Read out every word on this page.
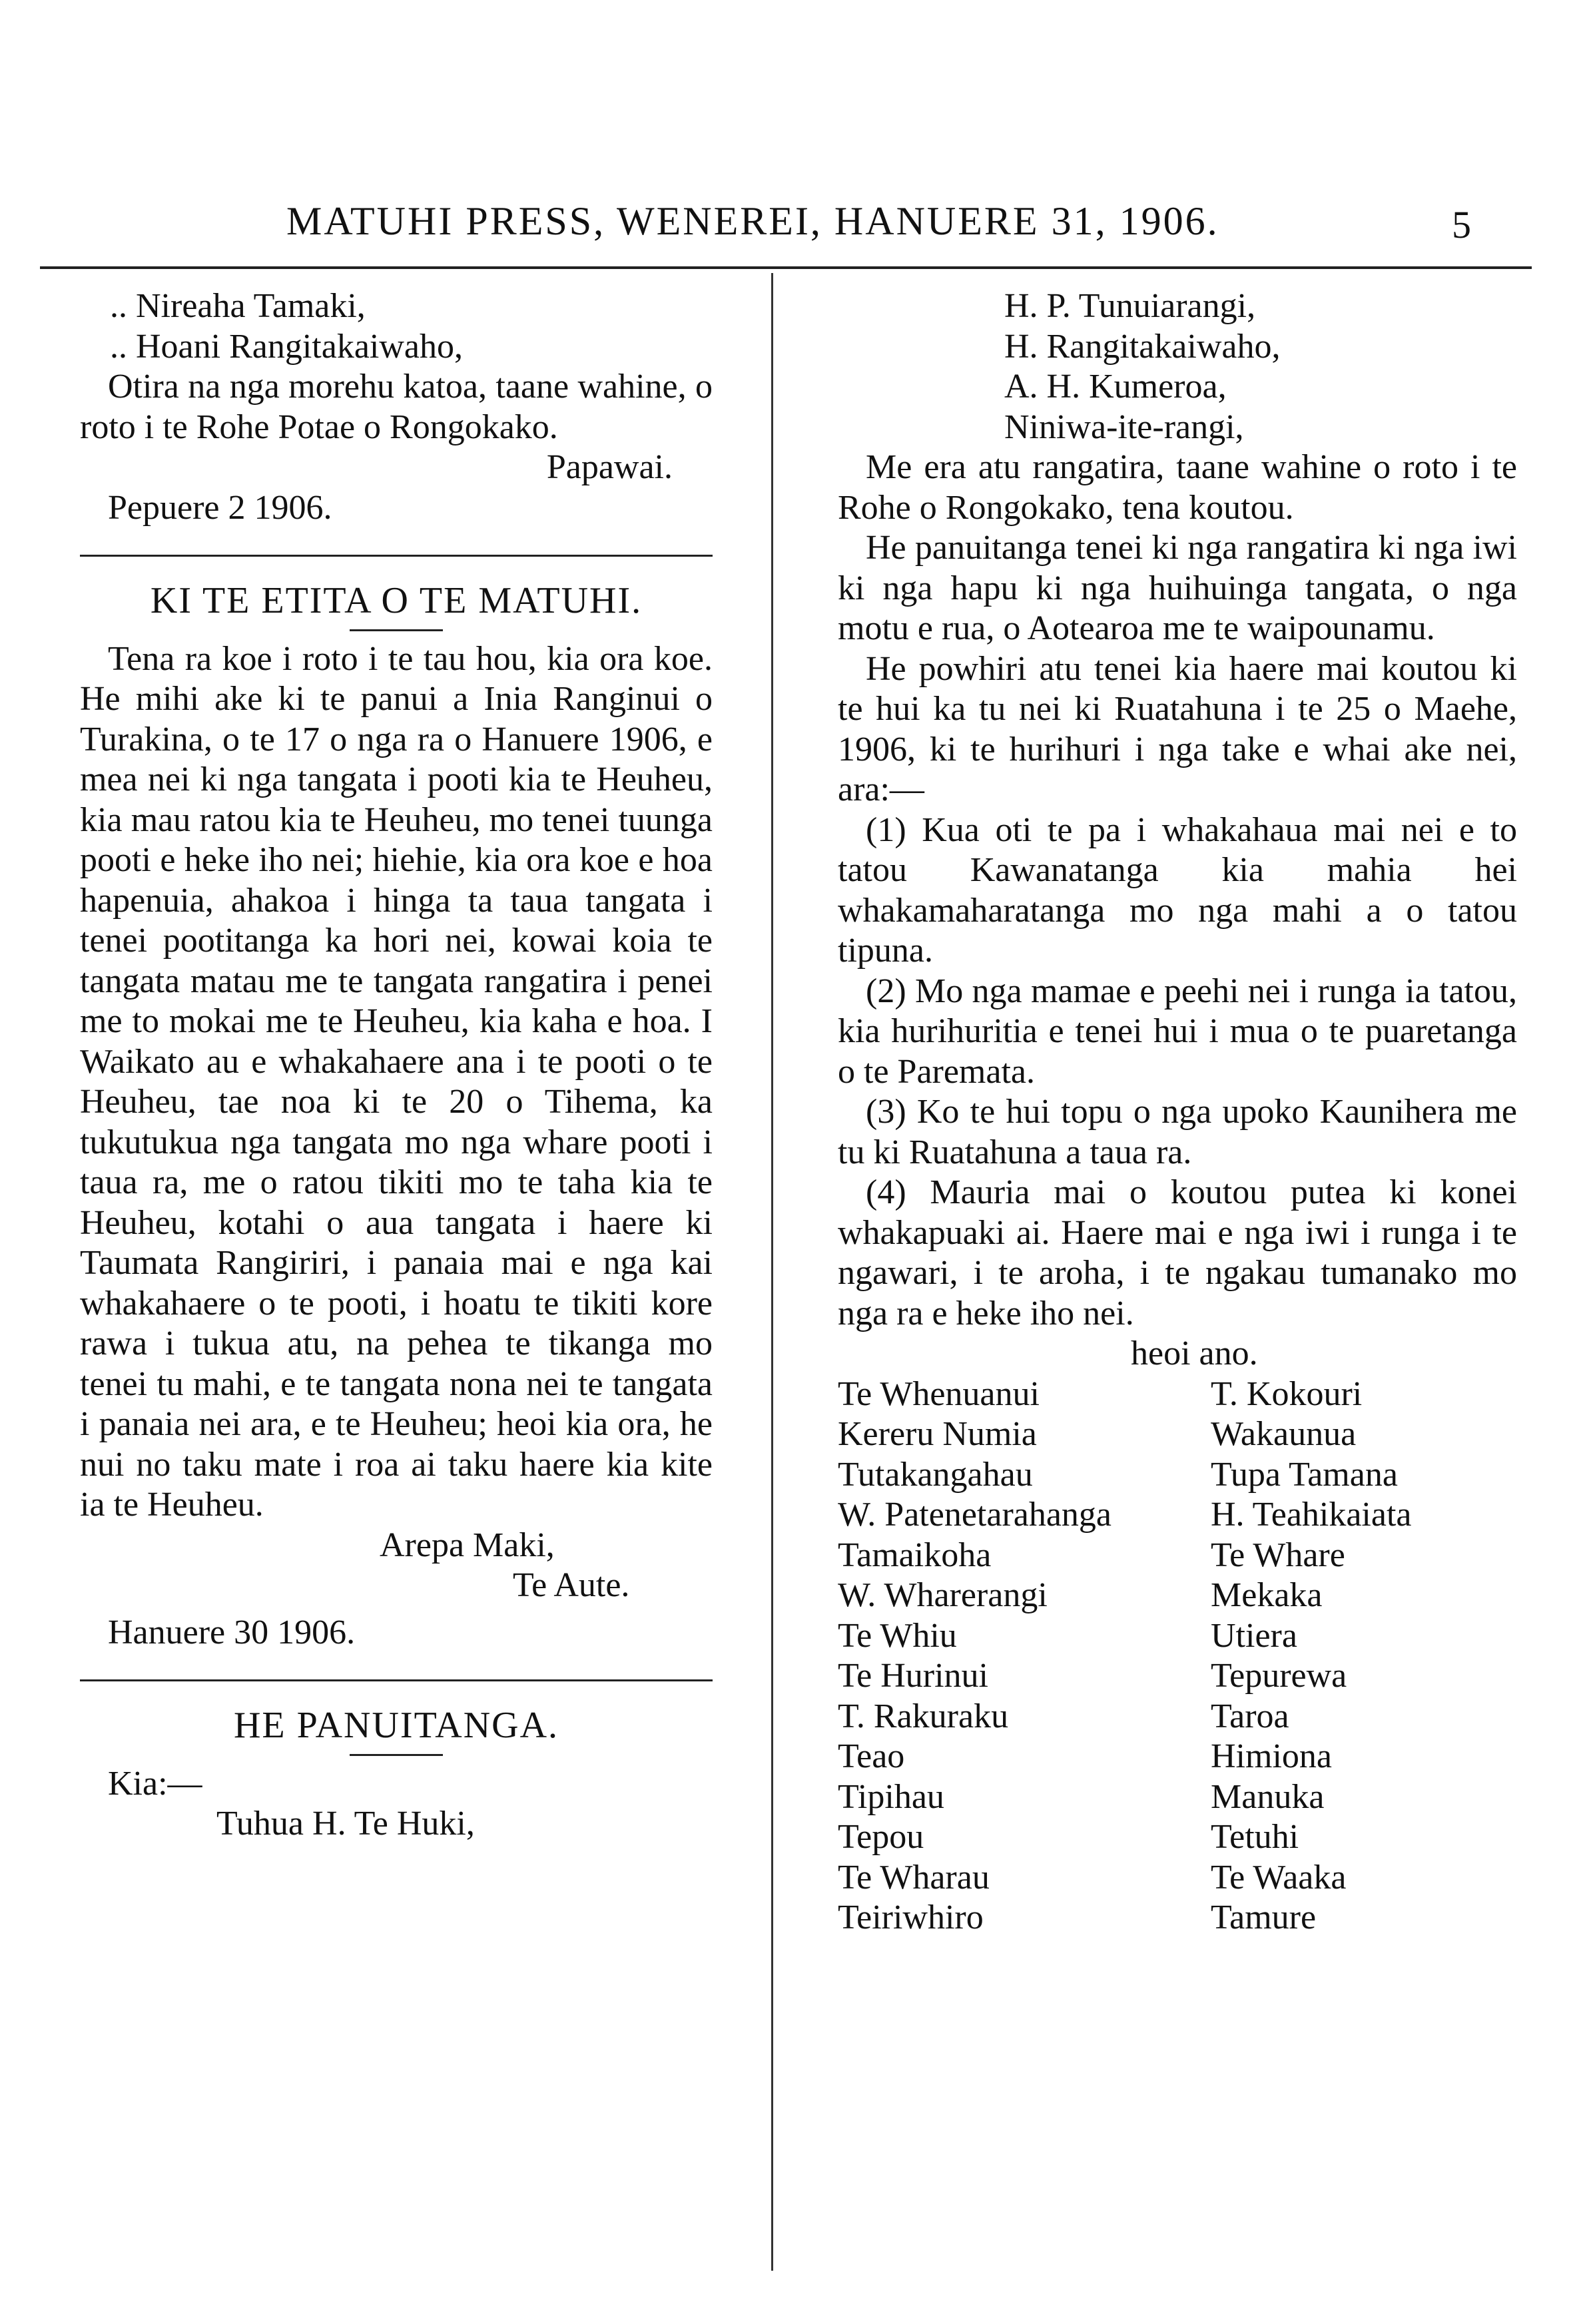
MATUHI PRESS, WENEREI, HANUERE 31, 1906.	5

.. Nireaha Tamaki,

.. Hoani Rangitakaiwaho,

Otira na nga morehu katoa, taane wahine, o roto i te Rohe Potae o Rongokako.

Papawai.

Pepuere 2 1906.

KI TE ETITA O TE MATUHI.

Tena ra koe i roto i te tau hou, kia ora koe. He mihi ake ki te panui a Inia Ranginui o Turakina, o te 17 o nga ra o Hanuere 1906, e mea nei ki nga tangata i pooti kia te Heuheu, kia mau ratou kia te Heuheu, mo tenei tuunga pooti e heke iho nei; hiehie, kia ora koe e hoa hapenuia, ahakoa i hinga ta taua tangata i tenei pootitanga ka hori nei, kowai koia te tangata matau me te tangata rangatira i penei me to mokai me te Heuheu, kia kaha e hoa. I Waikato au e whakahaere ana i te pooti o te Heuheu, tae noa ki te 20 o Tihema, ka tukutukua nga tangata mo nga whare pooti i taua ra, me o ratou tikiti mo te taha kia te Heuheu, kotahi o aua tangata i haere ki Taumata Rangiriri, i panaia mai e nga kai whakahaere o te pooti, i hoatu te tikiti kore rawa i tukua atu, na pehea te tikanga mo tenei tu mahi, e te tangata nona nei te tangata i panaia nei ara, e te Heuheu; heoi kia ora, he nui no taku mate i roa ai taku haere kia kite ia te Heuheu.

Arepa Maki,

Te Aute.

Hanuere 30 1906.

HE PANUITANGA.

Kia:—

Tuhua H. Te Huki,

H. P. Tunuiarangi,

H. Rangitakaiwaho,

A. H. Kumeroa,

Niniwa-ite-rangi,

Me era atu rangatira, taane wahine o roto i te Rohe o Rongokako, tena koutou.

He panuitanga tenei ki nga rangatira ki nga iwi ki nga hapu ki nga huihuinga tangata, o nga motu e rua, o Aotearoa me te waipounamu.

He powhiri atu tenei kia haere mai koutou ki te hui ka tu nei ki Ruatahuna i te 25 o Maehe, 1906, ki te hurihuri i nga take e whai ake nei, ara:—

(1) Kua oti te pa i whakahaua mai nei e to tatou Kawanatanga kia mahia hei whakamaharatanga mo nga mahi a o tatou tipuna.

(2) Mo nga mamae e peehi nei i runga ia tatou, kia hurihuritia e tenei hui i mua o te puaretanga o te Paremata.

(3) Ko te hui topu o nga upoko Kaunihera me tu ki Ruatahuna a taua ra.

(4) Mauria mai o koutou putea ki konei whakapuaki ai. Haere mai e nga iwi i runga i te ngawari, i te aroha, i te ngakau tumanako mo nga ra e heke iho nei.

heoi ano.

Te Whenuanui	T. Kokouri
Kereru Numia	Wakaunua
Tutakangahau	Tupa Tamana
W. Patenetarahanga	H. Teahikaiata
Tamaikoha	Te Whare
W. Wharerangi	Mekaka
Te Whiu	Utiera
Te Hurinui	Tepurewa
T. Rakuraku	Taroa
Teao	Himiona
Tipihau	Manuka
Tepou	Tetuhi
Te Wharau	Te Waaka
Teiriwhiro	Tamure
